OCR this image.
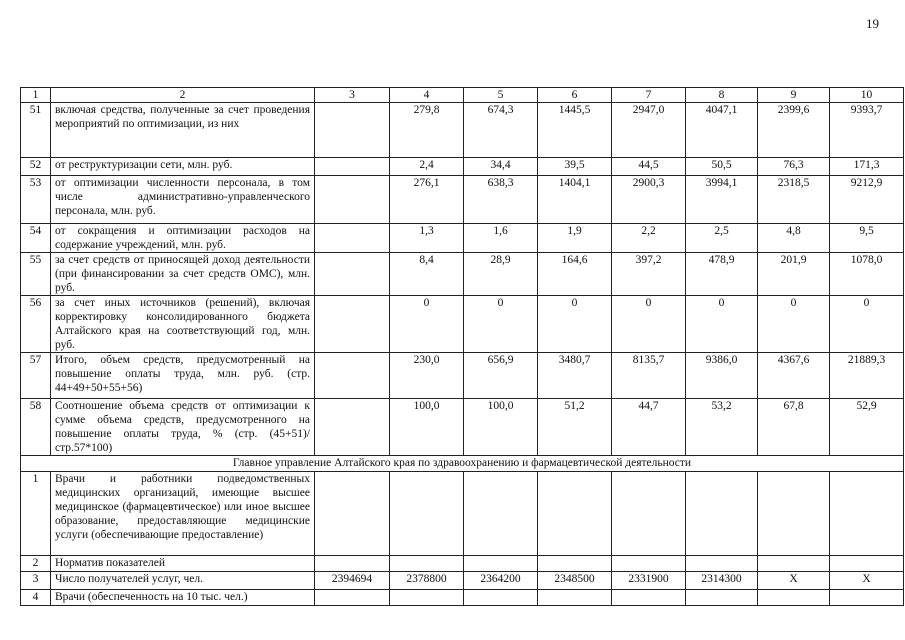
19
1	2	3	4	5	6	7	8	9	10
51	включая средства, полученные за счет проведения мероприятий по оптимизации, из них		279,8	674,3	1445,5	2947,0	4047,1	2399,6	9393,7
52	от реструктуризации сети, млн. руб.		2,4	34,4	39,5	44,5	50,5	76,3	171,3
53	от оптимизации численности персонала, в том числе административно-управленческого персонала, млн. руб.		276,1	638,3	1404,1	2900,3	3994,1	2318,5	9212,9
54	от сокращения и оптимизации расходов на содержание учреждений, млн. руб.		1,3	1,6	1,9	2,2	2,5	4,8	9,5
55	за счет средств от приносящей доход деятельности (при финансировании за счет средств ОМС), млн. руб.		8,4	28,9	164,6	397,2	478,9	201,9	1078,0
56	за счет иных источников (решений), включая корректировку консолидированного бюджета Алтайского края на соответствующий год, млн. руб.		0	0	0	0	0	0	0
57	Итого, объем средств, предусмотренный на повышение оплаты труда, млн. руб. (стр. 44+49+50+55+56)		230,0	656,9	3480,7	8135,7	9386,0	4367,6	21889,3
58	Соотношение объема средств от оптимизации к сумме объема средств, предусмотренного на повышение оплаты труда, % (стр. (45+51)/стр.57*100)		100,0	100,0	51,2	44,7	53,2	67,8	52,9
Главное управление Алтайского края по здравоохранению и фармацевтической деятельности									
1	Врачи и работники подведомственных медицинских организаций, имеющие высшее медицинское (фармацевтическое) или иное высшее образование, предоставляющие медицинские услуги (обеспечивающие предоставление)								
2	Норматив показателей								
3	Число получателей услуг, чел.	2394694	2378800	2364200	2348500	2331900	2314300	X	X
4	Врачи (обеспеченность на 10 тыс. чел.)								
